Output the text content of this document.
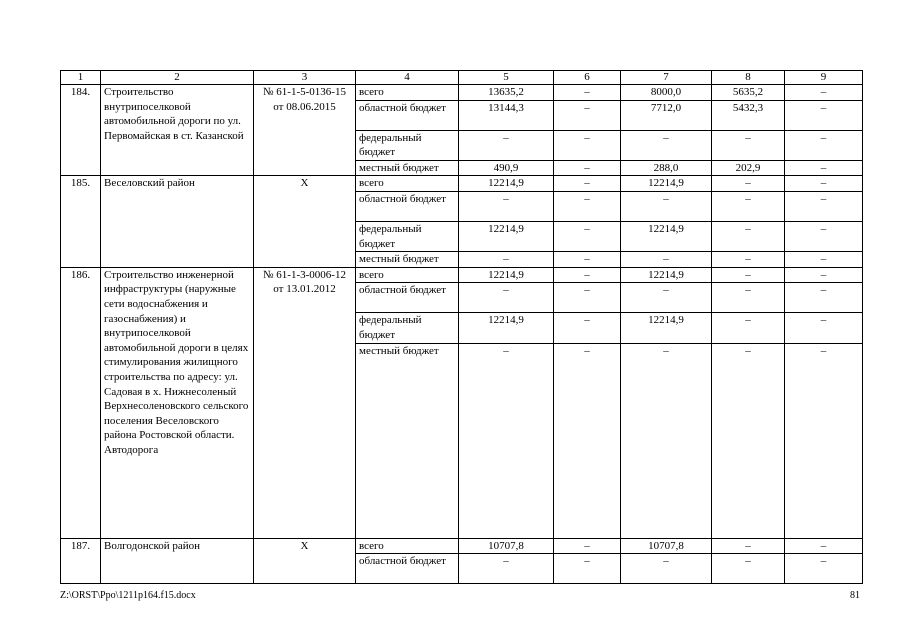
1	2	3	4	5	6	7	8	9
184.	Строительство внутрипоселковой автомобильной дороги по ул. Первомайская в ст. Казанской	№ 61-1-5-0136-15 от 08.06.2015	всего	13635,2	–	8000,0	5635,2	–
			областной бюджет	13144,3	–	7712,0	5432,3	–
			федеральный бюджет	–	–	–	–	–
			местный бюджет	490,9	–	288,0	202,9	–
185.	Веселовский район	Х	всего	12214,9	–	12214,9	–	–
			областной бюджет	–	–	–	–	–
			федеральный бюджет	12214,9	–	12214,9	–	–
			местный бюджет	–	–	–	–	–
186.	Строительство инженерной инфраструктуры (наружные сети водоснабжения и газоснабжения) и внутрипоселковой автомобильной дороги в целях стимулирования жилищного строительства по адресу: ул. Садовая в х. Нижнесоленый Верхнесоленовского сельского поселения Веселовского района Ростовской области. Автодорога	№ 61-1-3-0006-12 от 13.01.2012	всего	12214,9	–	12214,9	–	–
			областной бюджет	–	–	–	–	–
			федеральный бюджет	12214,9	–	12214,9	–	–
			местный бюджет	–	–	–	–	–
187.	Волгодонской район	Х	всего	10707,8	–	10707,8	–	–
			областной бюджет	–	–	–	–	–
Z:\ORST\Ppo\1211p164.f15.docx	81
